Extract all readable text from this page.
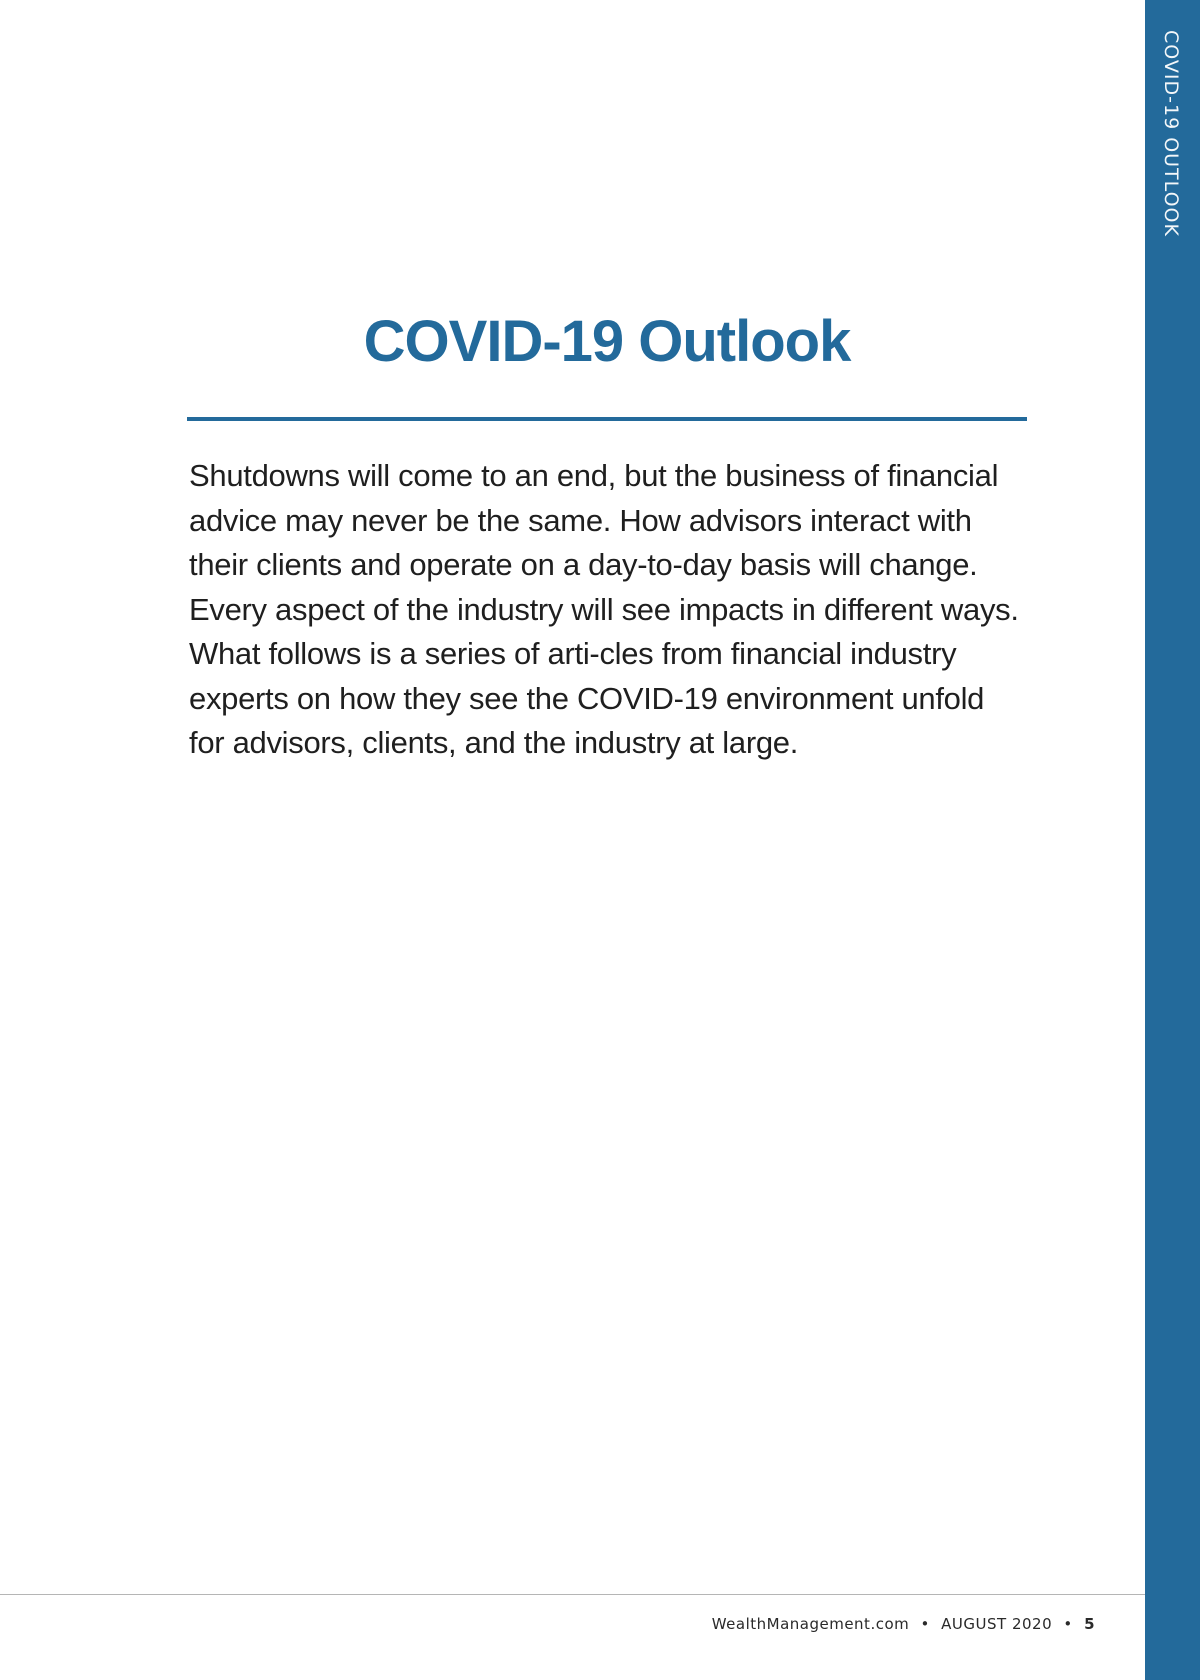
COVID-19 OUTLOOK
COVID-19 Outlook

Shutdowns will come to an end, but the business of financial advice may never be the same. How advisors interact with their clients and operate on a day-to-day basis will change. Every aspect of the industry will see impacts in different ways. What follows is a series of arti-cles from financial industry experts on how they see the COVID-19 environment unfold for advisors, clients, and the industry at large.

WealthManagement.com • AUGUST 2020 • 5
